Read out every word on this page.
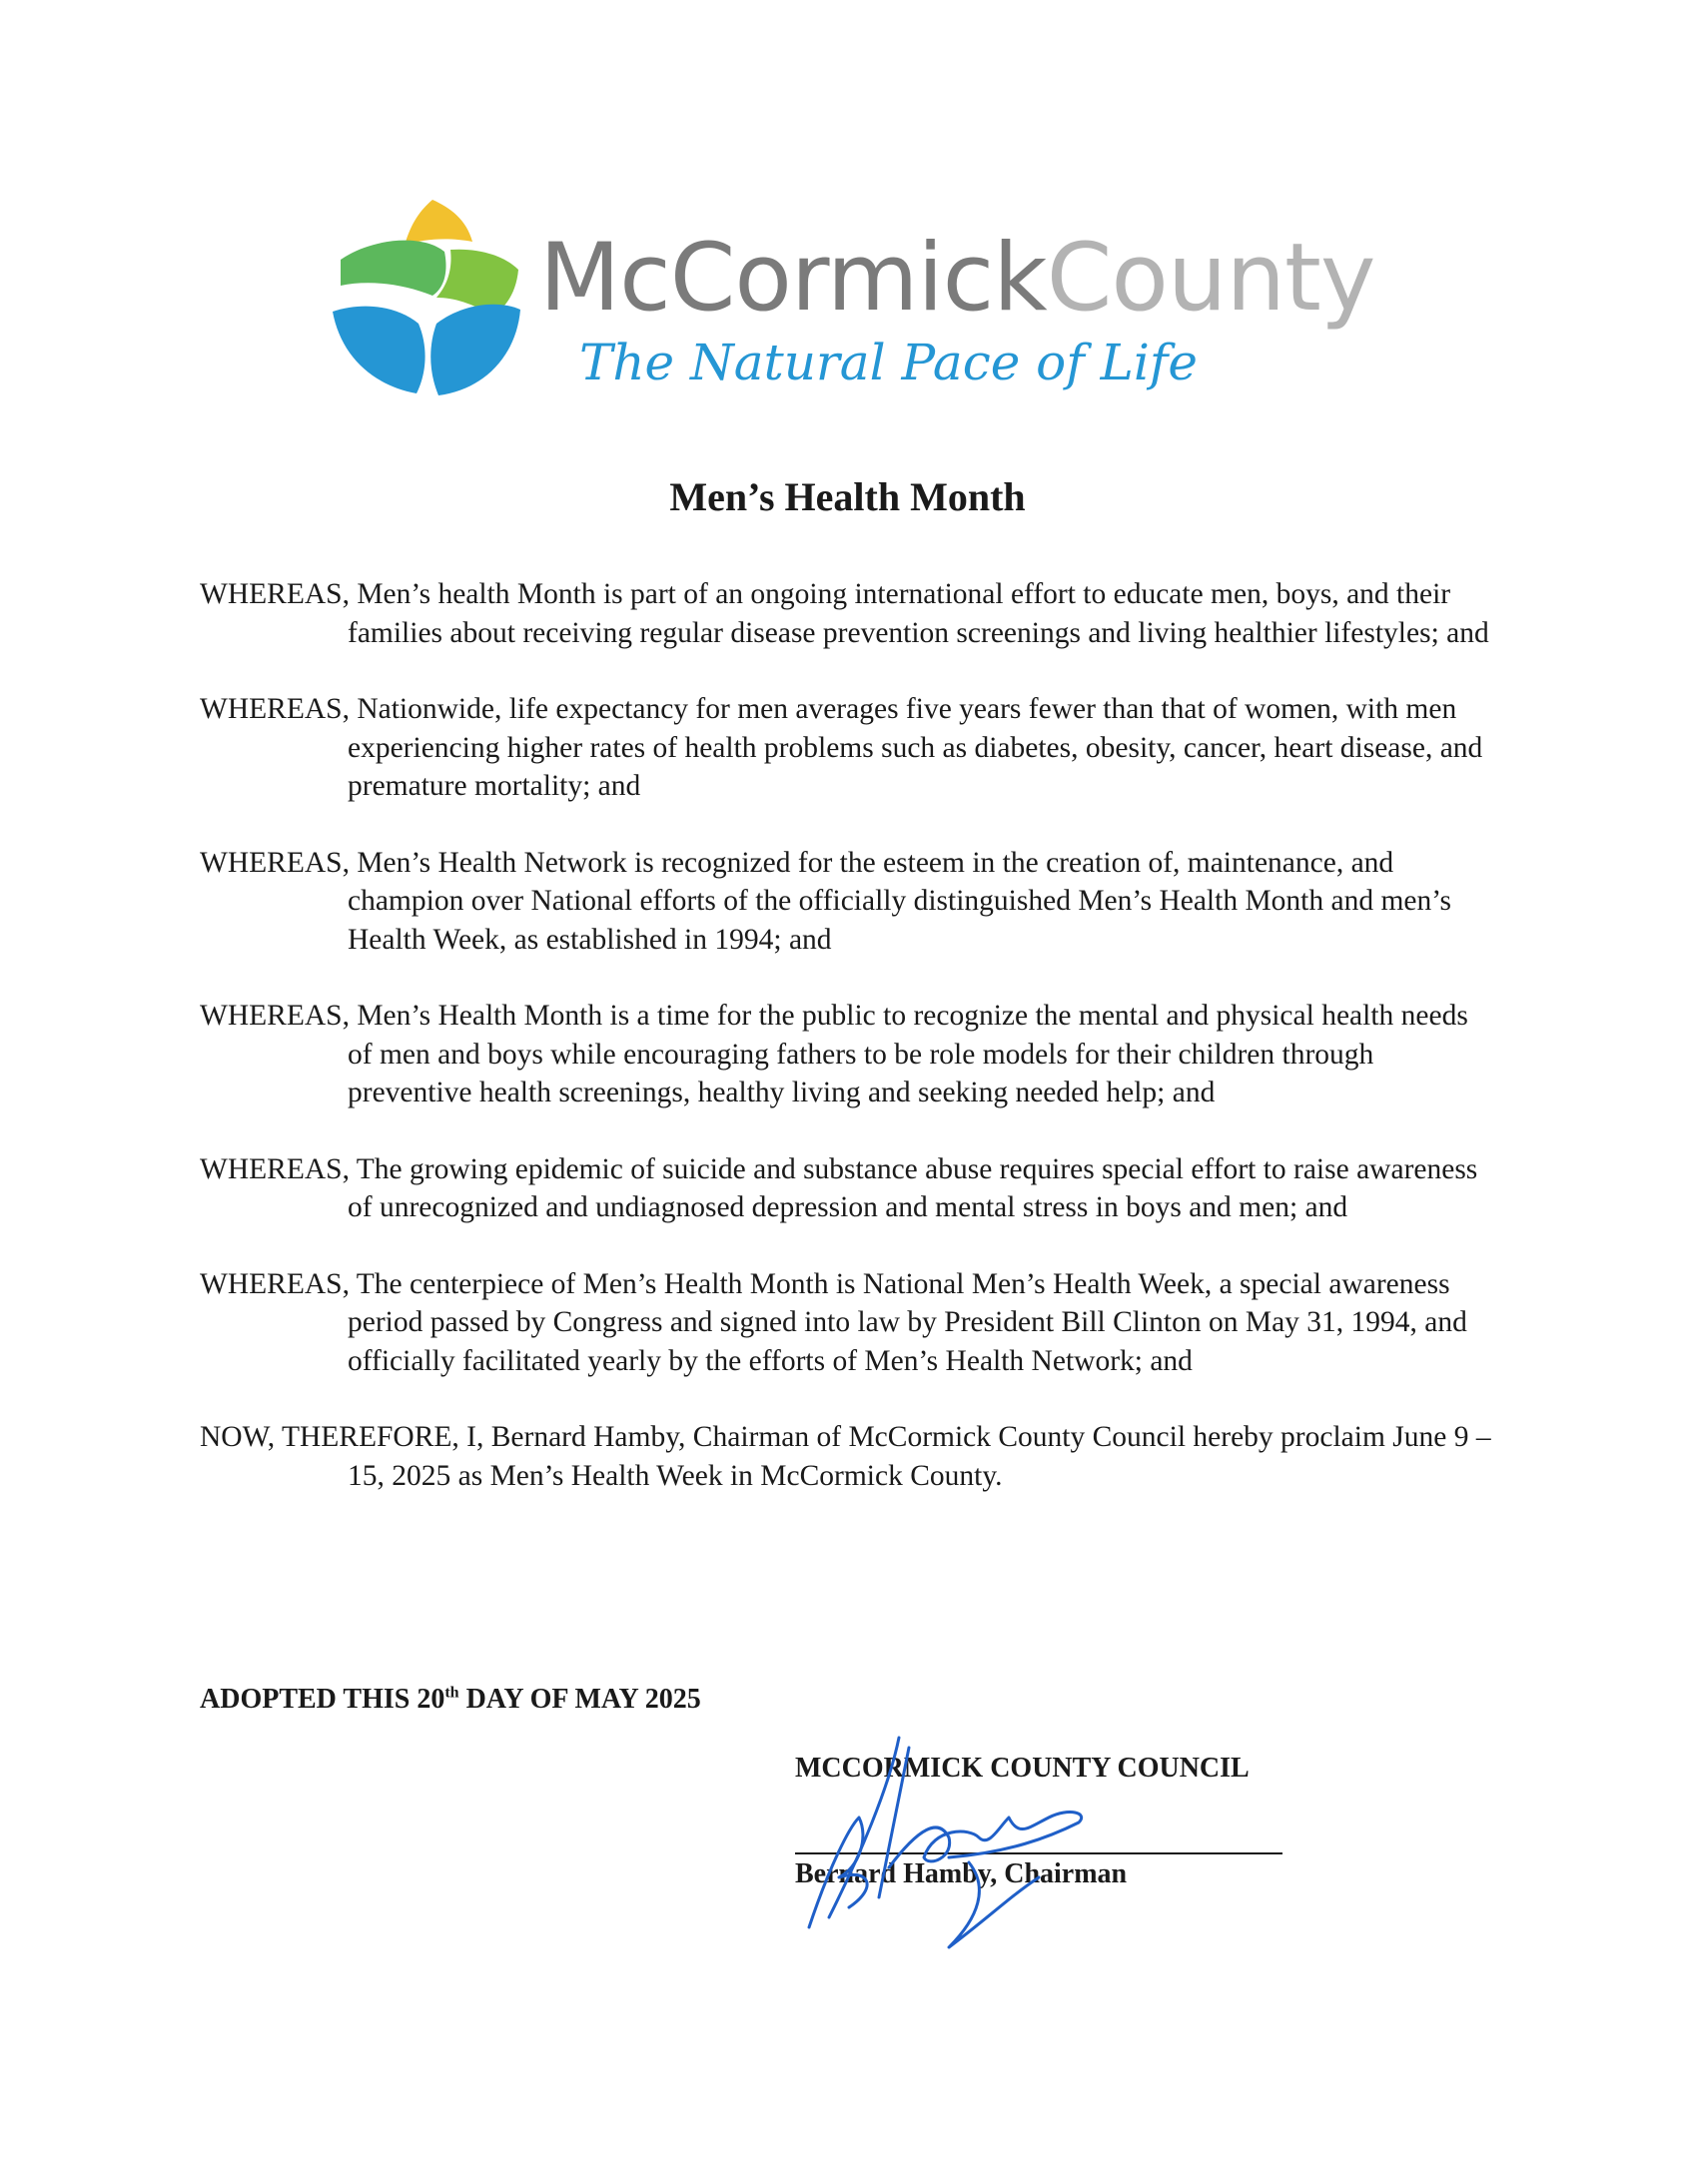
McCormickCounty
The Natural Pace of Life
Men’s Health Month

WHEREAS, Men’s health Month is part of an ongoing international effort to educate men, boys, and their families about receiving regular disease prevention screenings and living healthier lifestyles; and

WHEREAS, Nationwide, life expectancy for men averages five years fewer than that of women, with men experiencing higher rates of health problems such as diabetes, obesity, cancer, heart disease, and premature mortality; and

WHEREAS, Men’s Health Network is recognized for the esteem in the creation of, maintenance, and champion over National efforts of the officially distinguished Men’s Health Month and men’s Health Week, as established in 1994; and

WHEREAS, Men’s Health Month is a time for the public to recognize the mental and physical health needs of men and boys while encouraging fathers to be role models for their children through preventive health screenings, healthy living and seeking needed help; and

WHEREAS, The growing epidemic of suicide and substance abuse requires special effort to raise awareness of unrecognized and undiagnosed depression and mental stress in boys and men; and

WHEREAS, The centerpiece of Men’s Health Month is National Men’s Health Week, a special awareness period passed by Congress and signed into law by President Bill Clinton on May 31, 1994, and officially facilitated yearly by the efforts of Men’s Health Network; and

NOW, THEREFORE, I, Bernard Hamby, Chairman of McCormick County Council hereby proclaim June 9 – 15, 2025 as Men’s Health Week in McCormick County.

ADOPTED THIS 20th DAY OF MAY 2025
MCCORMICK COUNTY COUNCIL
Bernard Hamby, Chairman
